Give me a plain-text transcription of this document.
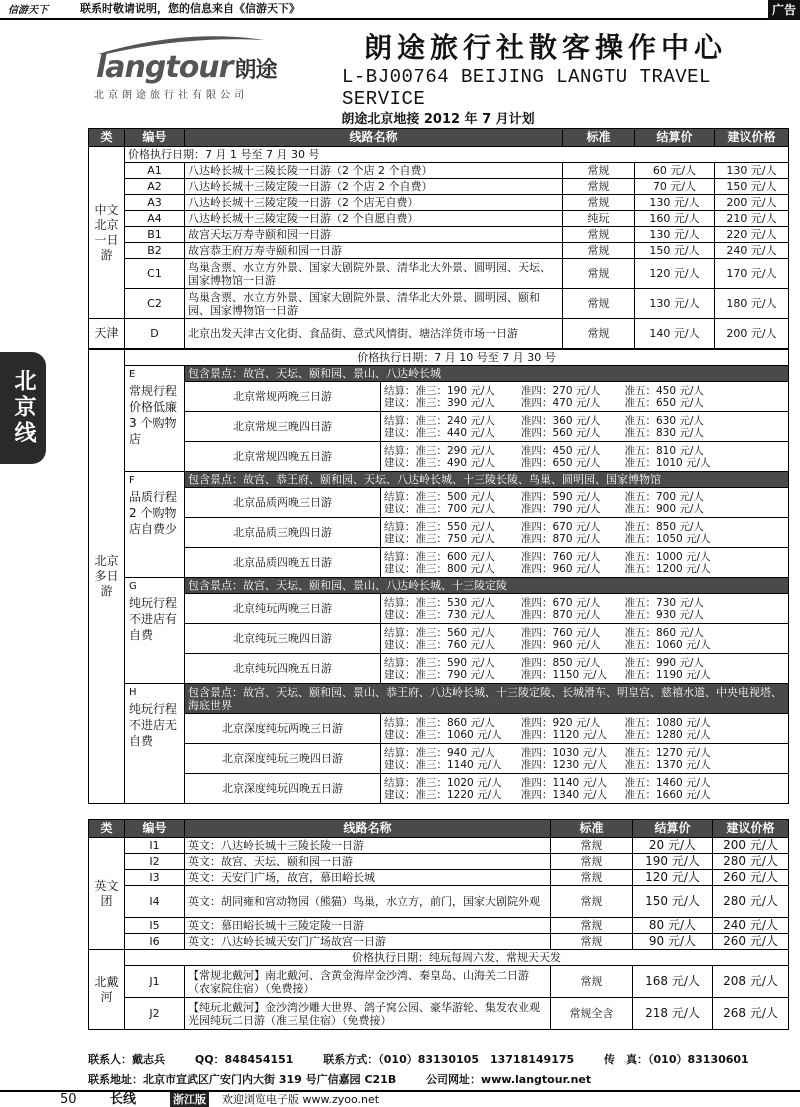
信游天下	联系时敬请说明，您的信息来自《信游天下》	广告
北京线
langtour朗途
北京朗途旅行社有限公司
朗途旅行社散客操作中心
L-BJ00764 BEIJING LANGTU TRAVEL SERVICE
朗途北京地接 2012 年 7 月计划
类	编号	线路名称	标准	结算价	建议价格
中文北京一日游	价格执行日期：7 月 1 号至 7 月 30 号				
	A1	八达岭长城十三陵长陵一日游（2 个店 2 个自费）	常规	60 元/人	130 元/人
	A2	八达岭长城十三陵定陵一日游（2 个店 2 个自费）	常规	70 元/人	150 元/人
	A3	八达岭长城十三陵定陵一日游（2 个店无自费）	常规	130 元/人	200 元/人
	A4	八达岭长城十三陵定陵一日游（2 个自愿自费）	纯玩	160 元/人	210 元/人
	B1	故宫天坛万寿寺颐和园一日游	常规	130 元/人	220 元/人
	B2	故宫恭王府万寿寺颐和园一日游	常规	150 元/人	240 元/人
	C1	鸟巢含票、水立方外景、国家大剧院外景、清华北大外景、圆明园、天坛、国家博物馆一日游	常规	120 元/人	170 元/人
	C2	鸟巢含票、水立方外景、国家大剧院外景、清华北大外景、圆明园、颐和园、国家博物馆一日游	常规	130 元/人	180 元/人
天津	D	北京出发天津古文化街、食品街、意式风情街、塘沽洋货市场一日游	常规	140 元/人	200 元/人
北京多日游	价格执行日期：7 月 10 号至 7 月 30 号		

	E
常规行程价格低廉 3 个购物店	包含景点：故宫、天坛、颐和园、景山、八达岭长城	
		北京常规两晚三日游	结算：准三：190 元/人 准四：270 元/人 准五：450 元/人
建议：准三：390 元/人 准四：470 元/人 准五：650 元/人

		北京常规三晚四日游	结算：准三：240 元/人 准四：360 元/人 准五：630 元/人
建议：准三：440 元/人 准四：560 元/人 准五：830 元/人

		北京常规四晚五日游	结算：准三：290 元/人 准四：450 元/人 准五：810 元/人
建议：准三：490 元/人 准四：650 元/人 准五：1010 元/人

	F
品质行程 2 个购物店自费少	包含景点：故宫、恭王府、颐和园、天坛、八达岭长城、十三陵长陵、鸟巢、圆明园、国家博物馆	
		北京品质两晚三日游	结算：准三：500 元/人 准四：590 元/人 准五：700 元/人
建议：准三：700 元/人 准四：790 元/人 准五：900 元/人

		北京品质三晚四日游	结算：准三：550 元/人 准四：670 元/人 准五：850 元/人
建议：准三：750 元/人 准四：870 元/人 准五：1050 元/人

		北京品质四晚五日游	结算：准三：600 元/人 准四：760 元/人 准五：1000 元/人
建议：准三：800 元/人 准四：960 元/人 准五：1200 元/人

	G
纯玩行程不进店有自费	包含景点：故宫、天坛、颐和园、景山、八达岭长城、十三陵定陵	
		北京纯玩两晚三日游	结算：准三：530 元/人 准四：670 元/人 准五：730 元/人
建议：准三：730 元/人 准四：870 元/人 准五：930 元/人

		北京纯玩三晚四日游	结算：准三：560 元/人 准四：760 元/人 准五：860 元/人
建议：准三：760 元/人 准四：960 元/人 准五：1060 元/人

		北京纯玩四晚五日游	结算：准三：590 元/人 准四：850 元/人 准五：990 元/人
建议：准三：790 元/人 准四：1150 元/人 准五：1190 元/人

	H
纯玩行程不进店无自费	包含景点：故宫、天坛、颐和园、景山、恭王府、八达岭长城、十三陵定陵、长城滑车、明皇宫、慈禧水道、中央电视塔、海底世界	
		北京深度纯玩两晚三日游	结算：准三：860 元/人 准四：920 元/人 准五：1080 元/人
建议：准三：1060 元/人 准四：1120 元/人 准五：1280 元/人

		北京深度纯玩三晚四日游	结算：准三：940 元/人 准四：1030 元/人 准五：1270 元/人
建议：准三：1140 元/人 准四：1230 元/人 准五：1370 元/人

		北京深度纯玩四晚五日游	结算：准三：1020 元/人 准四：1140 元/人 准五：1460 元/人
建议：准三：1220 元/人 准四：1340 元/人 准五：1660 元/人
类	编号	线路名称	标准	结算价	建议价格
英文团	I1	英文：八达岭长城十三陵长陵一日游	常规	20 元/人	200 元/人
	I2	英文：故宫、天坛、颐和园一日游	常规	190 元/人	280 元/人
	I3	英文：天安门广场，故宫，慕田峪长城	常规	120 元/人	260 元/人
	I4	英文：胡同雍和宫动物园（熊猫）鸟巢，水立方，前门，国家大剧院外观	常规	150 元/人	280 元/人
	I5	英文：慕田峪长城十三陵定陵一日游	常规	80 元/人	240 元/人
	I6	英文：八达岭长城天安门广场故宫一日游	常规	90 元/人	260 元/人
北戴河	价格执行日期：纯玩每周六发、常规天天发				
	J1	【常规北戴河】南北戴河、含黄金海岸金沙湾、秦皇岛、山海关二日游（农家院住宿）（免费接）	常规	168 元/人	208 元/人
	J2	【纯玩北戴河】金沙湾沙雕大世界、鸽子窝公园、豪华游轮、集发农业观光园纯玩二日游（准三星住宿）（免费接）	常规全含	218 元/人	268 元/人
联系人：戴志兵	QQ：848454151	联系方式：（010）83130105　13718149175	传　真：（010）83130601
联系地址：北京市宣武区广安门内大街 319 号广信嘉园 C21B	公司网址：www.langtour.net
50	长线	浙江版 欢迎浏览电子版 www.zyoo.net
